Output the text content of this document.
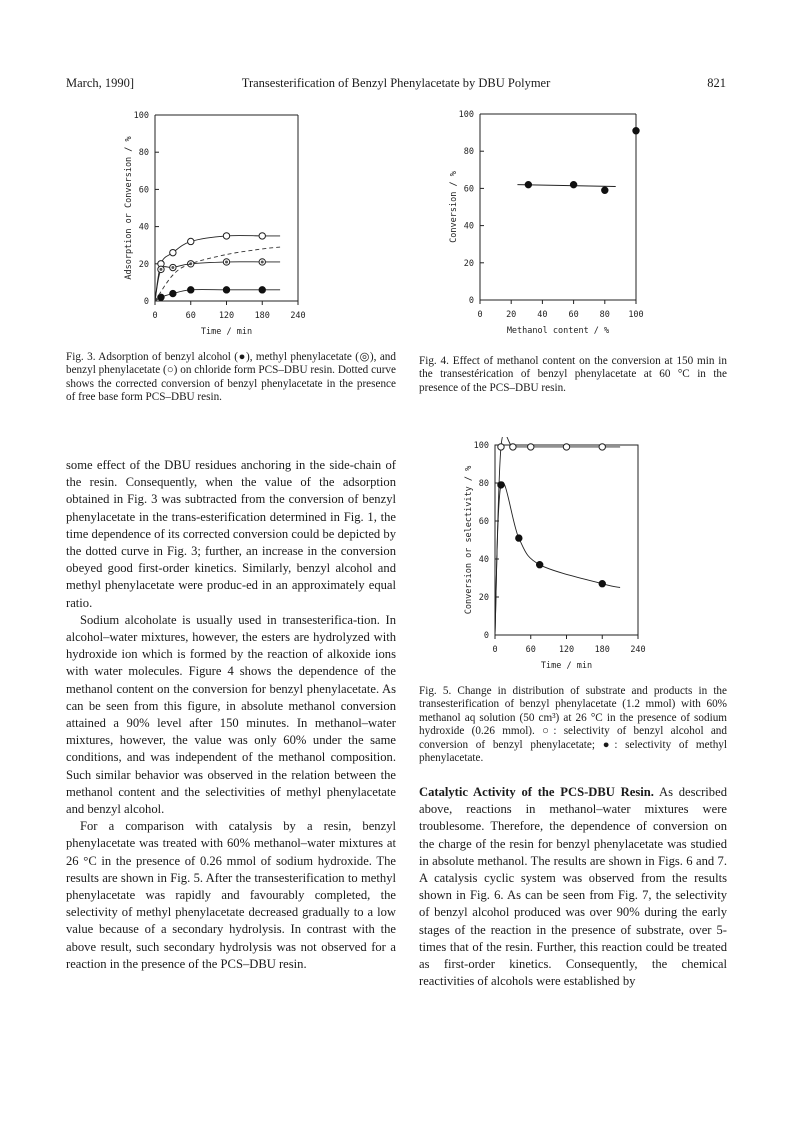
March, 1990]	Transesterification of Benzyl Phenylacetate by DBU Polymer	821
0	60	120 180 240
0
20
40
60
80
100
Time / min
Adsorption or Conversion / %

Fig. 3. Adsorption of benzyl alcohol (●), methyl phenylacetate (◎), and benzyl phenylacetate (○) on chloride form PCS–DBU resin. Dotted curve shows the corrected conversion of benzyl phenylacetate in the presence of free base form PCS–DBU resin.

0	20 40 60 80 100
0
20
40
60
80
100
Methanol content / %
Conversion / %

Fig. 4. Effect of methanol content on the conversion at 150 min in the transestérication of benzyl phenylacetate at 60 °C in the presence of the PCS–DBU resin.

0	60	120 180 240
0
20
40
60
80
100
Time / min
Conversion or selectivity / %

Fig. 5. Change in distribution of substrate and products in the transesterification of benzyl phenylacetate (1.2 mmol) with 60% methanol aq solution (50 cm³) at 26 °C in the presence of sodium hydroxide (0.26 mmol). ○: selectivity of benzyl alcohol and conversion of benzyl phenylacetate; ●: selectivity of methyl phenylacetate.

some effect of the DBU residues anchoring in the side-chain of the resin. Consequently, when the value of the adsorption obtained in Fig. 3 was subtracted from the conversion of benzyl phenylacetate in the trans-esterification determined in Fig. 1, the time dependence of its corrected conversion could be depicted by the dotted curve in Fig. 3; further, an increase in the conversion obeyed good first-order kinetics. Similarly, benzyl alcohol and methyl phenylacetate were produc-ed in an approximately equal ratio.

Sodium alcoholate is usually used in transesterifica-tion. In alcohol–water mixtures, however, the esters are hydrolyzed with hydroxide ion which is formed by the reaction of alkoxide ions with water molecules. Figure 4 shows the dependence of the methanol content on the conversion for benzyl phenylacetate. As can be seen from this figure, in absolute methanol conversion attained a 90% level after 150 minutes. In methanol–water mixtures, however, the value was only 60% under the same conditions, and was independent of the methanol composition. Such similar behavior was observed in the relation between the methanol content and the selectivities of methyl phenylacetate and benzyl alcohol.

For a comparison with catalysis by a resin, benzyl phenylacetate was treated with 60% methanol–water mixtures at 26 °C in the presence of 0.26 mmol of sodium hydroxide. The results are shown in Fig. 5. After the transesterification to methyl phenylacetate was rapidly and favourably completed, the selectivity of methyl phenylacetate decreased gradually to a low value because of a secondary hydrolysis. In contrast with the above result, such secondary hydrolysis was not observed for a reaction in the presence of the PCS–DBU resin.

Catalytic Activity of the PCS-DBU Resin. As described above, reactions in methanol–water mixtures were troublesome. Therefore, the dependence of conversion on the charge of the resin for benzyl phenylacetate was studied in absolute methanol. The results are shown in Figs. 6 and 7. A catalysis cyclic system was observed from the results shown in Fig. 6. As can be seen from Fig. 7, the selectivity of benzyl alcohol produced was over 90% during the early stages of the reaction in the presence of substrate, over 5-times that of the resin. Further, this reaction could be treated as first-order kinetics. Consequently, the chemical reactivities of alcohols were established by
